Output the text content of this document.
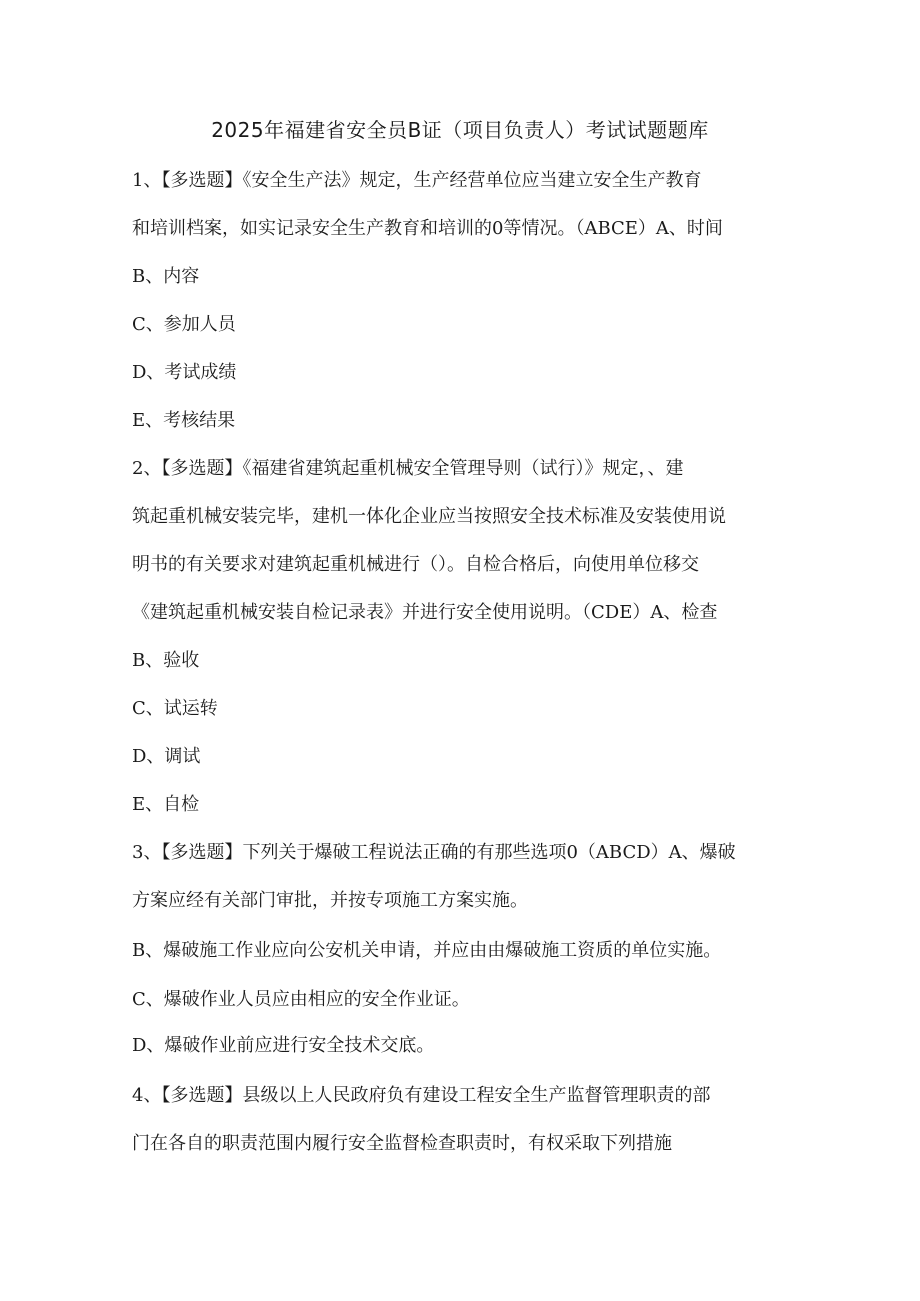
2025年福建省安全员B证（项目负责人）考试试题题库
1、【多选题】《安全生产法》规定，生产经营单位应当建立安全生产教育
和培训档案，如实记录安全生产教育和培训的0等情况。（ABCE）A、时间
B、内容
C、参加人员
D、考试成绩
E、考核结果
2、【多选题】《福建省建筑起重机械安全管理导则（试行）》规定，、建
筑起重机械安装完毕，建机一体化企业应当按照安全技术标准及安装使用说
明书的有关要求对建筑起重机械进行（）。自检合格后，向使用单位移交
《建筑起重机械安装自检记录表》并进行安全使用说明。（CDE）A、检查
B、验收
C、试运转
D、调试
E、自检
3、【多选题】下列关于爆破工程说法正确的有那些选项0（ABCD）A、爆破
方案应经有关部门审批，并按专项施工方案实施。
B、爆破施工作业应向公安机关申请，并应由由爆破施工资质的单位实施。
C、爆破作业人员应由相应的安全作业证。
D、爆破作业前应进行安全技术交底。
4、【多选题】县级以上人民政府负有建设工程安全生产监督管理职责的部
门在各自的职责范围内履行安全监督检查职责时，有权采取下列措施
